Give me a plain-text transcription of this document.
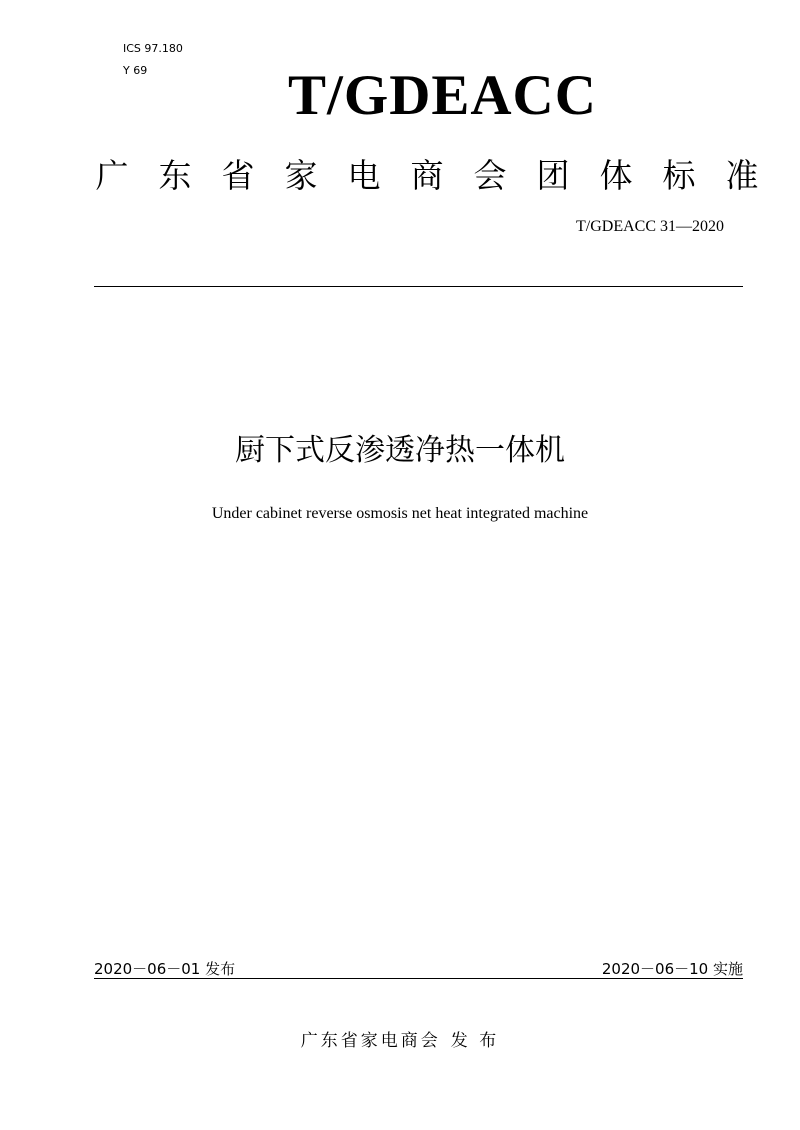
ICS 97.180
Y 69 T/GDEACC
广 东 省 家 电 商 会 团 体 标 准
T/GDEACC 31—2020
厨下式反渗透净热一体机
Under cabinet reverse osmosis net heat integrated machine
2020－06－01 发布	2020－06－10 实施
广东省家电商会 发 布
